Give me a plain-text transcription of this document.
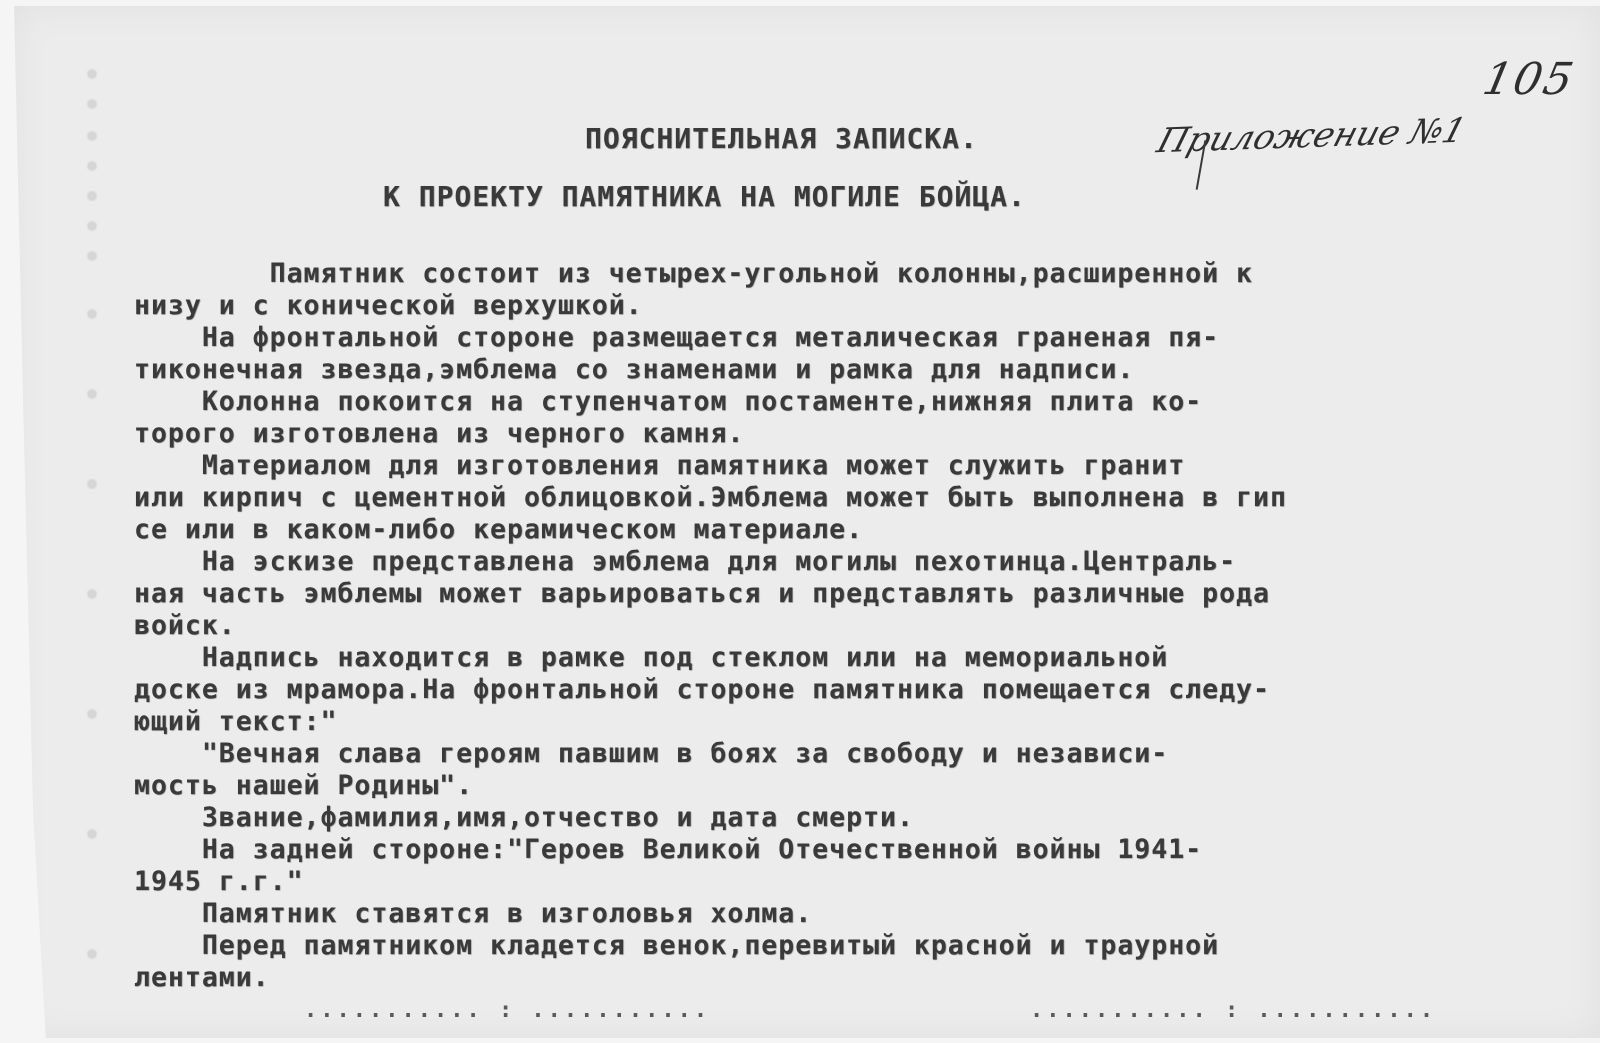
105
Приложение №1
ПОЯСНИТЕЛЬНАЯ ЗАПИСКА.
К ПРОЕКТУ ПАМЯТНИКА НА МОГИЛЕ БОЙЦА.
Памятник состоит из четырех-угольной колонны,расширенной к
низу и с конической верхушкой.
На фронтальной стороне размещается металическая граненая пя-
тиконечная звезда,эмблема со знаменами и рамка для надписи.
Колонна покоится на ступенчатом постаменте,нижняя плита ко-
торого изготовлена из черного камня.
Материалом для изготовления памятника может служить гранит
или кирпич с цементной облицовкой.Эмблема может быть выполнена в гип
се или в каком-либо керамическом материале.
На эскизе представлена эмблема для могилы пехотинца.Централь-
ная часть эмблемы может варьироваться и представлять различные рода
войск.
Надпись находится в рамке под стеклом или на мемориальной
доске из мрамора.На фронтальной стороне памятника помещается следу-
ющий текст:"
"Вечная слава героям павшим в боях за свободу и независи-
мость нашей Родины".
Звание,фамилия,имя,отчество и дата смерти.
На задней стороне:"Героев Великой Отечественной войны 1941-
1945 г.г."
Памятник ставятся в изголовья холма.
Перед памятником кладется венок,перевитый красной и траурной
лентами.
........... : ...........	........... : ...........
